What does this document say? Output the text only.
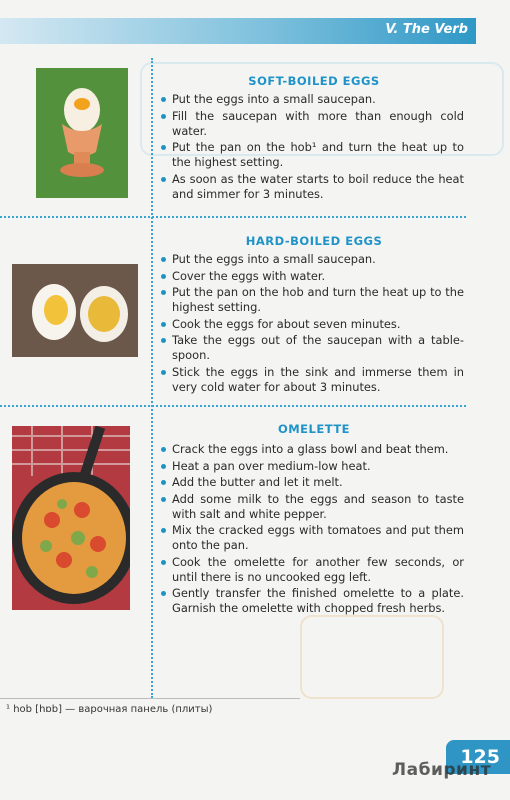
V. The Verb
SOFT-BOILED EGGS
Put the eggs into a small saucepan.
Fill the saucepan with more than enough cold water.
Put the pan on the hob¹ and turn the heat up to the highest setting.
As soon as the water starts to boil reduce the heat and simmer for 3 minutes.
HARD-BOILED EGGS
Put the eggs into a small saucepan.
Cover the eggs with water.
Put the pan on the hob and turn the heat up to the highest setting.
Cook the eggs for about seven minutes.
Take the eggs out of the saucepan with a table-spoon.
Stick the eggs in the sink and immerse them in very cold water for about 3 minutes.
OMELETTE
Crack the eggs into a glass bowl and beat them.
Heat a pan over medium-low heat.
Add the butter and let it melt.
Add some milk to the eggs and season to taste with salt and white pepper.
Mix the cracked eggs with tomatoes and put them onto the pan.
Cook the omelette for another few seconds, or until there is no uncooked egg left.
Gently transfer the finished omelette to a plate. Garnish the omelette with chopped fresh herbs.
¹ hob [hɒb] — варочная панель (плиты)
125
Лабиринт
